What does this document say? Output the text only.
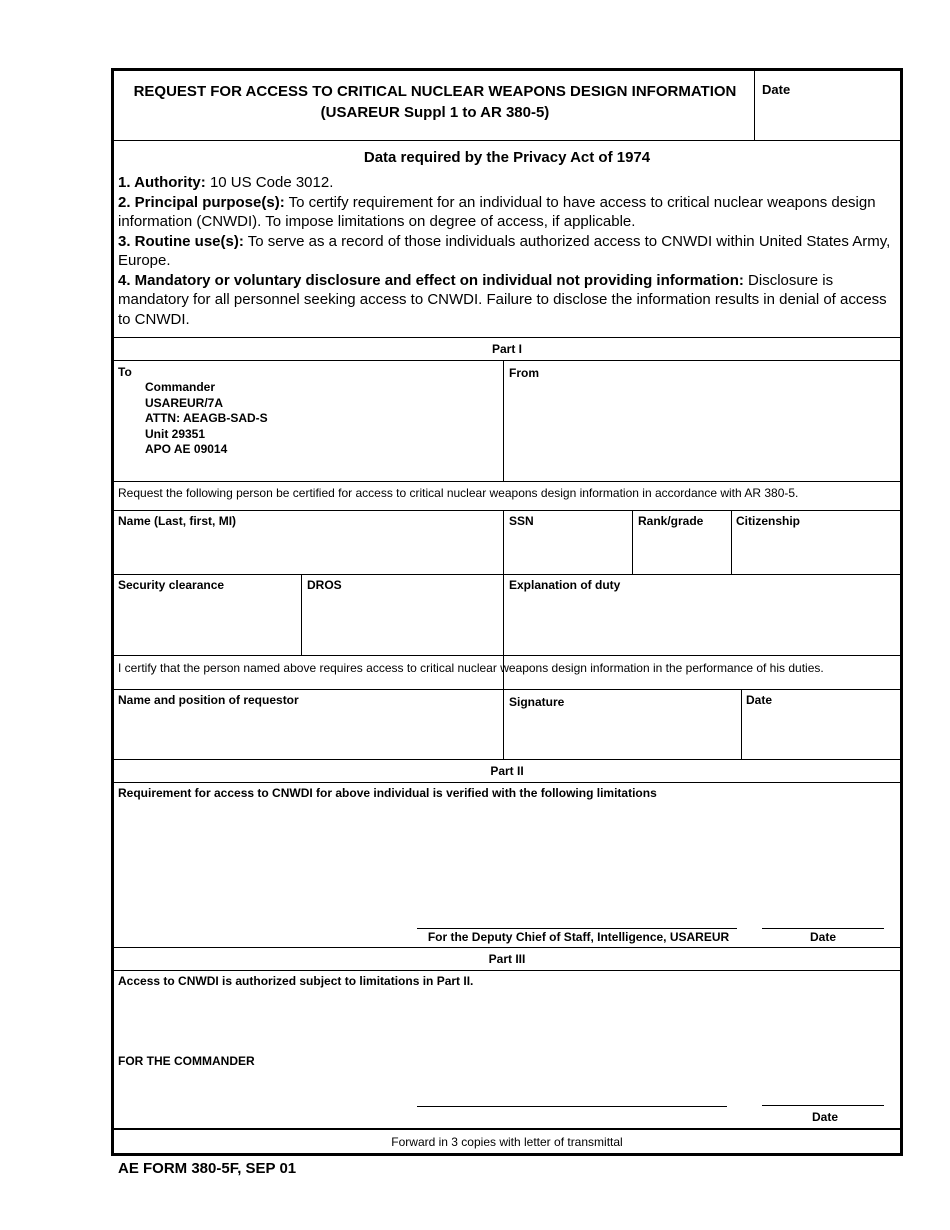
REQUEST FOR ACCESS TO CRITICAL NUCLEAR WEAPONS DESIGN INFORMATION
(USAREUR Suppl 1 to AR 380-5)
Date
Data required by the Privacy Act of 1974

1. Authority: 10 US Code 3012.

2. Principal purpose(s): To certify requirement for an individual to have access to critical nuclear weapons design information (CNWDI). To impose limitations on degree of access, if applicable.

3. Routine use(s): To serve as a record of those individuals authorized access to CNWDI within United States Army, Europe.

4. Mandatory or voluntary disclosure and effect on individual not providing information: Disclosure is mandatory for all personnel seeking access to CNWDI. Failure to disclose the information results in denial of access to CNWDI.

Part I
To
Commander
USAREUR/7A
ATTN: AEAGB-SAD-S
Unit 29351
APO AE 09014
From
Request the following person be certified for access to critical nuclear weapons design information in accordance with AR 380-5.
Name (Last, first, MI)	SSN	Rank/grade	Citizenship
Security clearance	DROS	Explanation of duty
I certify that the person named above requires access to critical nuclear weapons design information in the performance of his duties.
Name and position of requestor	Signature	Date
Part II
Requirement for access to CNWDI for above individual is verified with the following limitations
For the Deputy Chief of Staff, Intelligence, USAREUR	Date
Part III
Access to CNWDI is authorized subject to limitations in Part II.
FOR THE COMMANDER
Date
Forward in 3 copies with letter of transmittal
AE FORM 380-5F, SEP 01
